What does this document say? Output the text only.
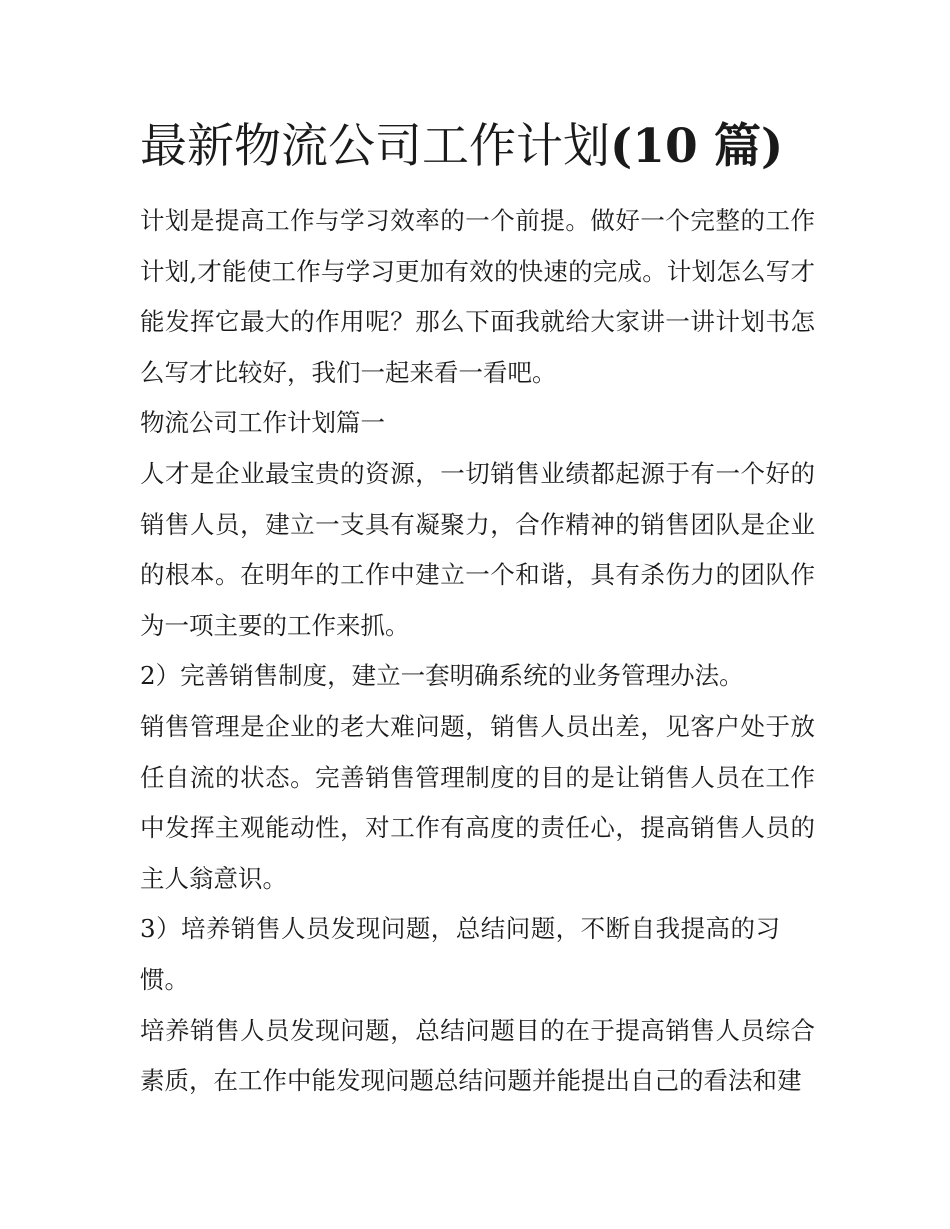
最新物流公司工作计划(10 篇)

计划是提高工作与学习效率的一个前提。做好一个完整的工作计划,才能使工作与学习更加有效的快速的完成。计划怎么写才能发挥它最大的作用呢？那么下面我就给大家讲一讲计划书怎么写才比较好，我们一起来看一看吧。

物流公司工作计划篇一

人才是企业最宝贵的资源，一切销售业绩都起源于有一个好的销售人员，建立一支具有凝聚力，合作精神的销售团队是企业的根本。在明年的工作中建立一个和谐，具有杀伤力的团队作为一项主要的工作来抓。

2）完善销售制度，建立一套明确系统的业务管理办法。

销售管理是企业的老大难问题，销售人员出差，见客户处于放任自流的状态。完善销售管理制度的目的是让销售人员在工作中发挥主观能动性，对工作有高度的责任心，提高销售人员的主人翁意识。

3）培养销售人员发现问题，总结问题，不断自我提高的习惯。

培养销售人员发现问题，总结问题目的在于提高销售人员综合素质，在工作中能发现问题总结问题并能提出自己的看法和建
